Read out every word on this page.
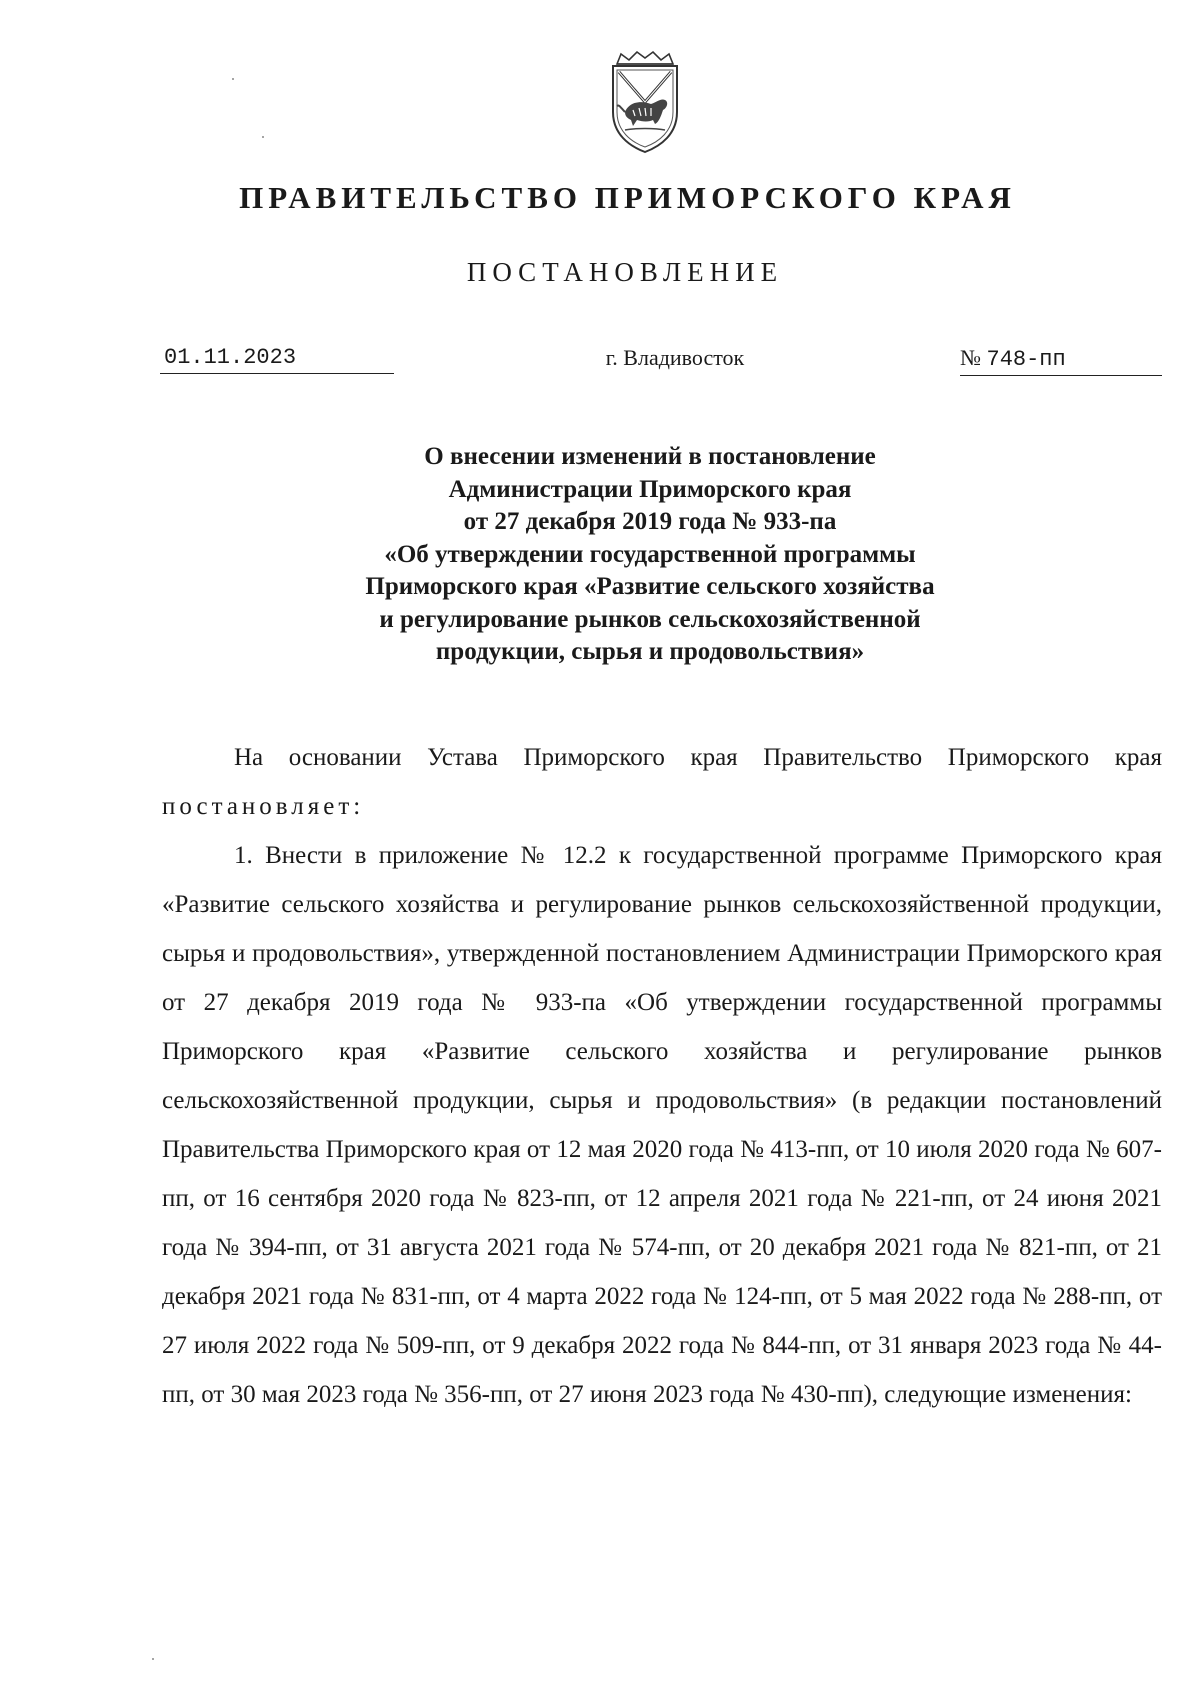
ПРАВИТЕЛЬСТВО ПРИМОРСКОГО КРАЯ
ПОСТАНОВЛЕНИЕ
01.11.2023	г. Владивосток	№ 748-пп
О внесении изменений в постановление
Администрации Приморского края
от 27 декабря 2019 года № 933-па
«Об утверждении государственной программы
Приморского края «Развитие сельского хозяйства
и регулирование рынков сельскохозяйственной
продукции, сырья и продовольствия»

На основании Устава Приморского края Правительство Приморского края постановляет:

1. Внести в приложение № 12.2 к государственной программе Приморского края «Развитие сельского хозяйства и регулирование рынков сельскохозяйственной продукции, сырья и продовольствия», утвержденной постановлением Администрации Приморского края от 27 декабря 2019 года № 933-па «Об утверждении государственной программы Приморского края «Развитие сельского хозяйства и регулирование рынков сельскохозяйственной продукции, сырья и продовольствия» (в редакции постановлений Правительства Приморского края от 12 мая 2020 года № 413-пп, от 10 июля 2020 года № 607-пп, от 16 сентября 2020 года № 823-пп, от 12 апреля 2021 года № 221-пп, от 24 июня 2021 года № 394-пп, от 31 августа 2021 года № 574-пп, от 20 декабря 2021 года № 821-пп, от 21 декабря 2021 года № 831-пп, от 4 марта 2022 года № 124-пп, от 5 мая 2022 года № 288-пп, от 27 июля 2022 года № 509-пп, от 9 декабря 2022 года № 844-пп, от 31 января 2023 года № 44-пп, от 30 мая 2023 года № 356-пп, от 27 июня 2023 года № 430-пп), следующие изменения:
